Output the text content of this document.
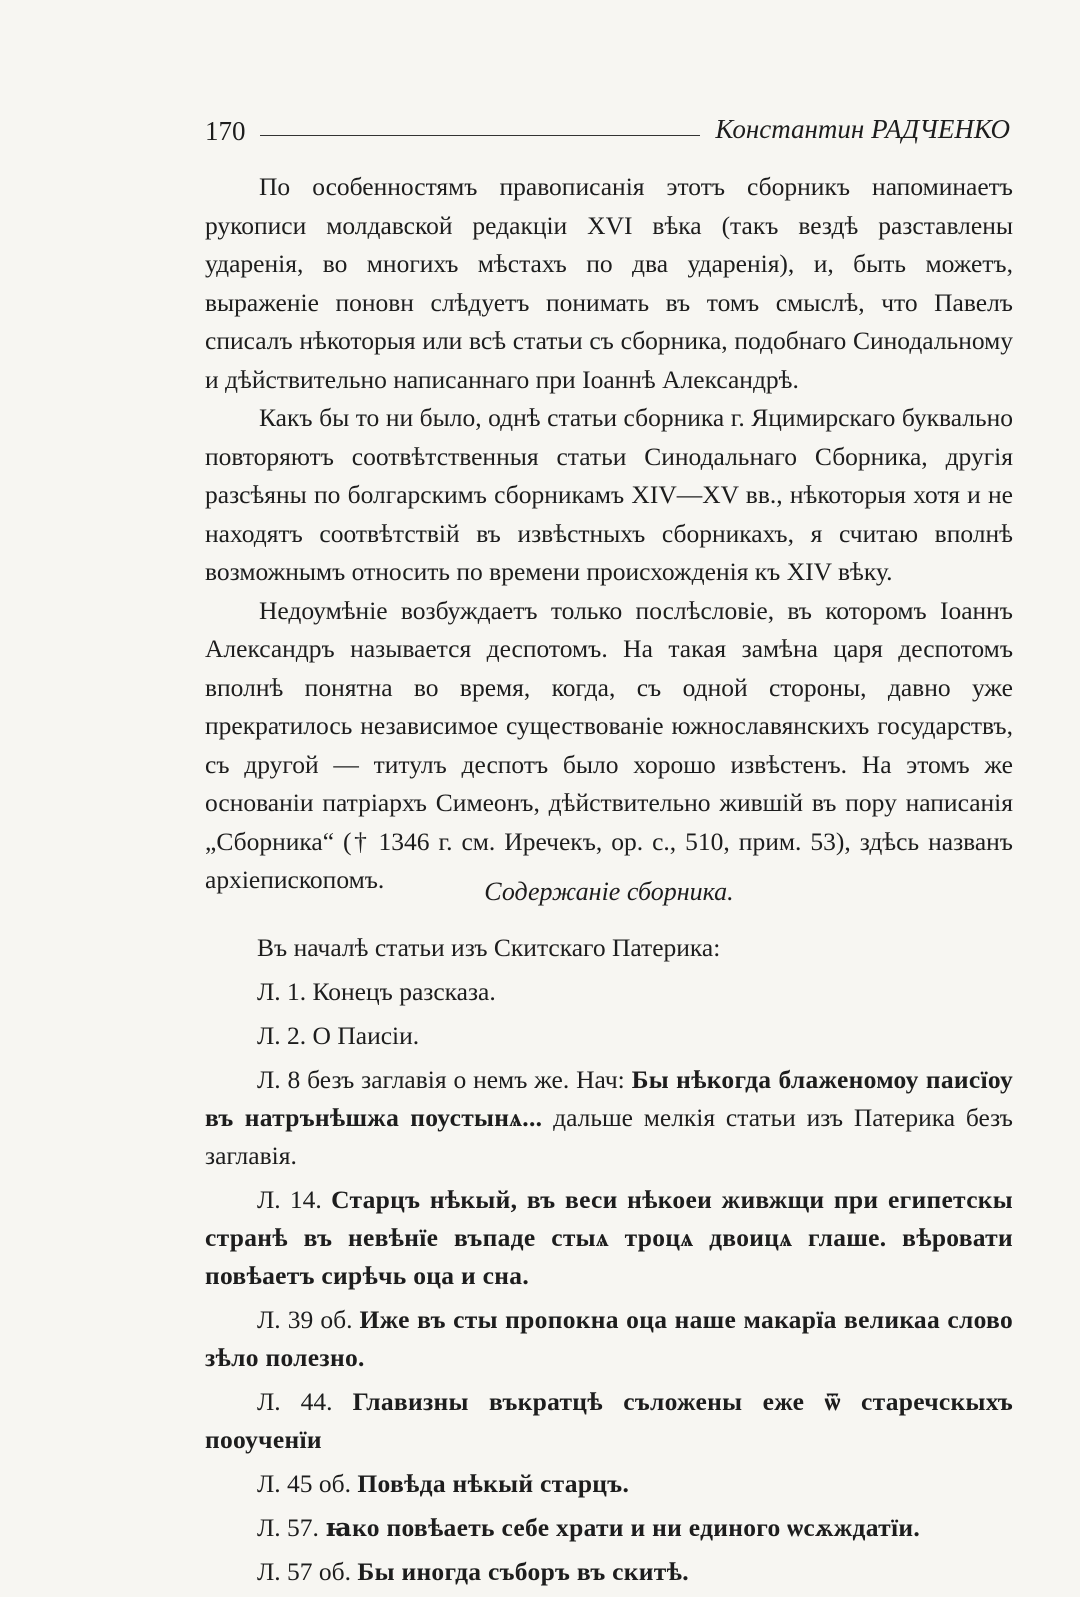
170	Константин РАДЧЕНКО

По особенностямъ правописанія этотъ сборникъ напоминаетъ рукописи молдавской редакціи XVI вѣка (такъ вездѣ разставлены ударенія, во многихъ мѣстахъ по два ударенія), и, быть можетъ, выраженіе поновн слѣдуетъ понимать въ томъ смыслѣ, что Павелъ списалъ нѣкоторыя или всѣ статьи съ сборника, подобнаго Синодальному и дѣйствительно написаннаго при Іоаннѣ Александрѣ.

Какъ бы то ни было, однѣ статьи сборника г. Яцимирскаго буквально повторяютъ соотвѣтственныя статьи Синодальнаго Сборника, другія разсѣяны по болгарскимъ сборникамъ XIV—XV вв., нѣкоторыя хотя и не находятъ соотвѣтствій въ извѣстныхъ сборникахъ, я считаю вполнѣ возможнымъ относить по времени происхожденія къ XIV вѣку.

Недоумѣніе возбуждаетъ только послѣсловіе, въ которомъ Іоаннъ Александръ называется деспотомъ. На такая замѣна царя деспотомъ вполнѣ понятна во время, когда, съ одной стороны, давно уже прекратилось независимое существованіе южнославянскихъ государствъ, съ другой — титулъ деспотъ было хорошо извѣстенъ. На этомъ же основаніи патріархъ Симеонъ, дѣйствительно жившій въ пору написанія „Сборника“ († 1346 г. см. Иречекъ, ор. с., 510, прим. 53), здѣсь названъ архіепископомъ.	Содержаніе сборника.
Въ началѣ статьи изъ Скитскаго Патерика:
Л. 1. Конецъ разсказа.
Л. 2. О Паисіи.
Л. 8 безъ заглавія о немъ же. Нач: Бы нѣкогда блаженомоу паисїоу въ натрънѣшжа поустынѧ... дальше мелкія статьи изъ Патерика безъ заглавія.
Л. 14. Старцъ нѣкый, въ веси нѣкоеи живжщи при египетскы странѣ въ невѣнїе въпаде стыѧ троцѧ двоицѧ глаше. вѣровати повѣаетъ сирѣчь оца и сна.
Л. 39 об. Иже въ сты пропокна оца наше макарїа великаа слово зѣло полезно.
Л. 44. Главизны въкратцѣ съложены еже ѿ старечскыхъ пооученїи
Л. 45 об. Повѣда нѣкый старцъ.
Л. 57. ꙗко повѣаеть себе храти и ни единого ѡсѫждатїи.
Л. 57 об. Бы иногда съборъ въ скитѣ.
